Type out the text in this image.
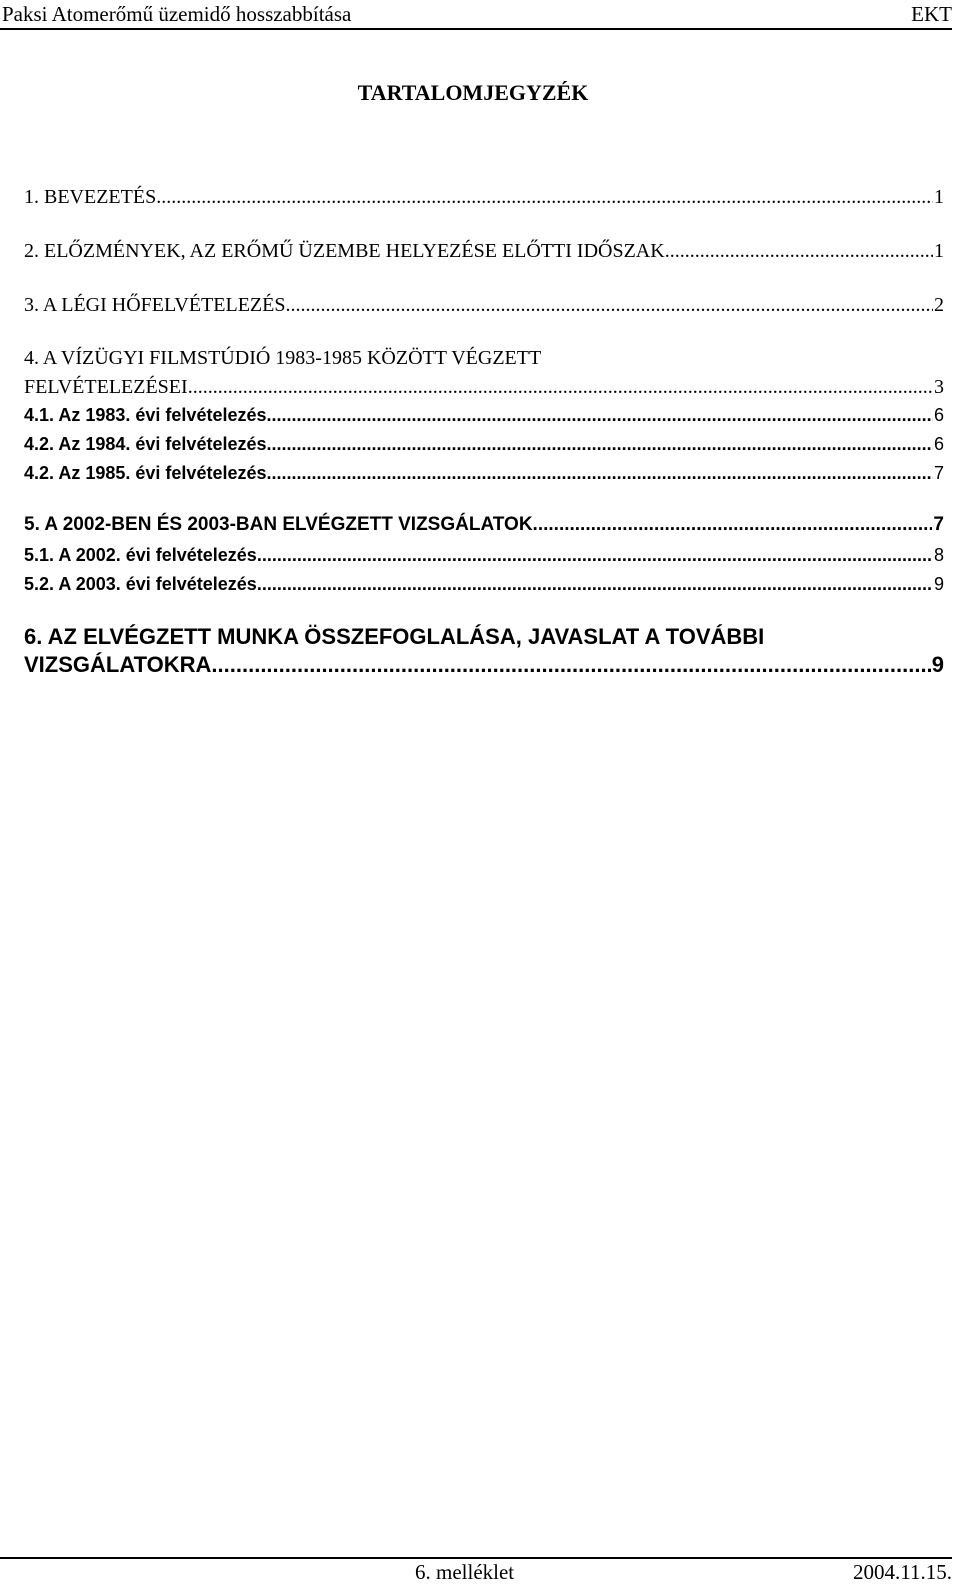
Paksi Atomerőmű üzemidő hosszabbítása	EKT
TARTALOMJEGYZÉK
1. BEVEZETÉS .....	1
2. ELŐZMÉNYEK, AZ ERŐMŰ ÜZEMBE HELYEZÉSE ELŐTTI IDŐSZAK .....	1
3. A LÉGI HŐFELVÉTELEZÉS .....	2
4. A VÍZÜGYI FILMSTÚDIÓ 1983-1985 KÖZÖTT VÉGZETT
FELVÉTELEZÉSEI .....	3
4.1. Az 1983. évi felvételezés .....	6
4.2. Az 1984. évi felvételezés .....	6
4.2. Az 1985. évi felvételezés .....	7
5. A 2002-BEN ÉS 2003-BAN ELVÉGZETT VIZSGÁLATOK .....	7
5.1. A 2002. évi felvételezés .....	8
5.2. A 2003. évi felvételezés .....	9
6. AZ ELVÉGZETT MUNKA ÖSSZEFOGLALÁSA, JAVASLAT A TOVÁBBI
VIZSGÁLATOKRA .....	9
6. melléklet	2004.11.15.
